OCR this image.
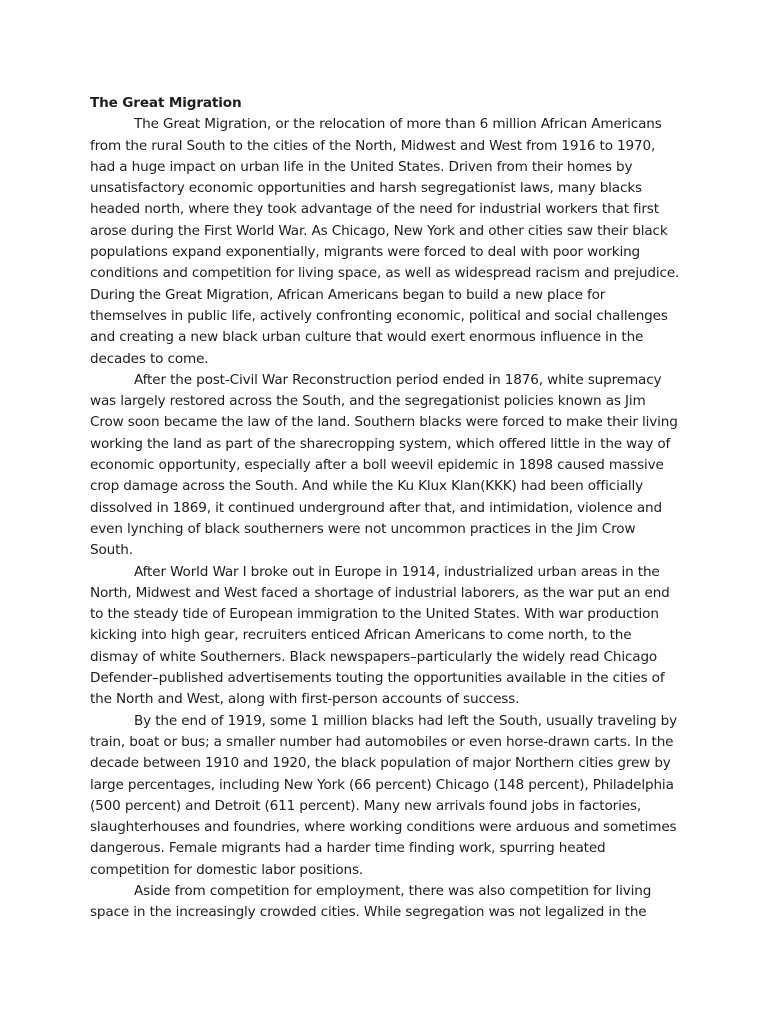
The Great Migration

The Great Migration, or the relocation of more than 6 million African Americans from the rural South to the cities of the North, Midwest and West from 1916 to 1970, had a huge impact on urban life in the United States. Driven from their homes by unsatisfactory economic opportunities and harsh segregationist laws, many blacks headed north, where they took advantage of the need for industrial workers that first arose during the First World War. As Chicago, New York and other cities saw their black populations expand exponentially, migrants were forced to deal with poor working conditions and competition for living space, as well as widespread racism and prejudice. During the Great Migration, African Americans began to build a new place for themselves in public life, actively confronting economic, political and social challenges and creating a new black urban culture that would exert enormous influence in the decades to come.

After the post-Civil War Reconstruction period ended in 1876, white supremacy was largely restored across the South, and the segregationist policies known as Jim Crow soon became the law of the land. Southern blacks were forced to make their living working the land as part of the sharecropping system, which offered little in the way of economic opportunity, especially after a boll weevil epidemic in 1898 caused massive crop damage across the South. And while the Ku Klux Klan(KKK) had been officially dissolved in 1869, it continued underground after that, and intimidation, violence and even lynching of black southerners were not uncommon practices in the Jim Crow South.

After World War I broke out in Europe in 1914, industrialized urban areas in the North, Midwest and West faced a shortage of industrial laborers, as the war put an end to the steady tide of European immigration to the United States. With war production kicking into high gear, recruiters enticed African Americans to come north, to the dismay of white Southerners. Black newspapers–particularly the widely read Chicago Defender–published advertisements touting the opportunities available in the cities of the North and West, along with first-person accounts of success.

By the end of 1919, some 1 million blacks had left the South, usually traveling by train, boat or bus; a smaller number had automobiles or even horse-drawn carts. In the decade between 1910 and 1920, the black population of major Northern cities grew by large percentages, including New York (66 percent) Chicago (148 percent), Philadelphia (500 percent) and Detroit (611 percent). Many new arrivals found jobs in factories, slaughterhouses and foundries, where working conditions were arduous and sometimes dangerous. Female migrants had a harder time finding work, spurring heated competition for domestic labor positions.

Aside from competition for employment, there was also competition for living space in the increasingly crowded cities. While segregation was not legalized in the
